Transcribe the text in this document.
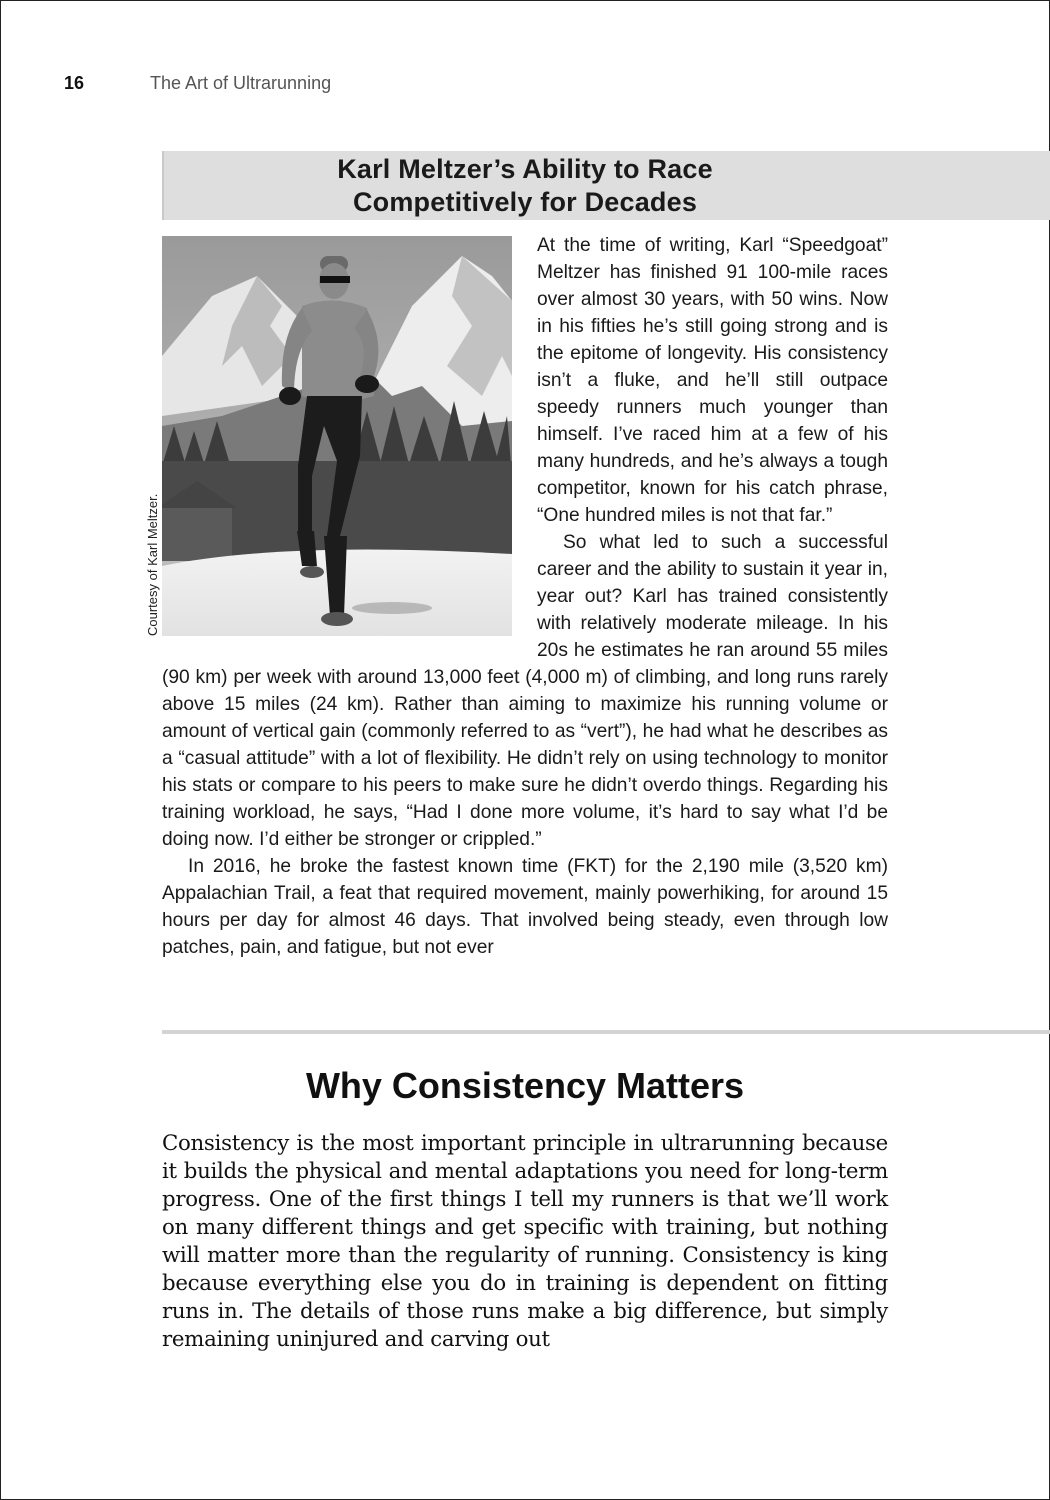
16	The Art of Ultrarunning
Karl Meltzer’s Ability to Race
Competitively for Decades
Courtesy of Karl Meltzer.

At the time of writing, Karl “Speedgoat” Meltzer has finished 91 100-mile races over almost 30 years, with 50 wins. Now in his fifties he’s still going strong and is the epitome of longevity. His consistency isn’t a fluke, and he’ll still outpace speedy runners much younger than himself. I’ve raced him at a few of his many hundreds, and he’s always a tough competitor, known for his catch phrase, “One hundred miles is not that far.”

So what led to such a successful career and the ability to sustain it year in, year out? Karl has trained consistently with relatively moderate mileage. In his 20s he estimates he ran around 55 miles (90 km) per week with around 13,000 feet (4,000 m) of climbing, and long runs rarely above 15 miles (24 km). Rather than aiming to maximize his running volume or amount of vertical gain (commonly referred to as “vert”), he had what he describes as a “casual attitude” with a lot of flexibility. He didn’t rely on using technology to monitor his stats or compare to his peers to make sure he didn’t overdo things. Regarding his training workload, he says, “Had I done more volume, it’s hard to say what I’d be doing now. I’d either be stronger or crippled.”

In 2016, he broke the fastest known time (FKT) for the 2,190 mile (3,520 km) Appalachian Trail, a feat that required movement, mainly powerhiking, for around 15 hours per day for almost 46 days. That involved being steady, even through low patches, pain, and fatigue, but not ever

Why Consistency Matters

Consistency is the most important principle in ultrarunning because it builds the physical and mental adaptations you need for long-term progress. One of the first things I tell my runners is that we’ll work on many different things and get specific with training, but nothing will matter more than the regularity of running. Consistency is king because everything else you do in training is dependent on fitting runs in. The details of those runs make a big difference, but simply remaining uninjured and carving out
